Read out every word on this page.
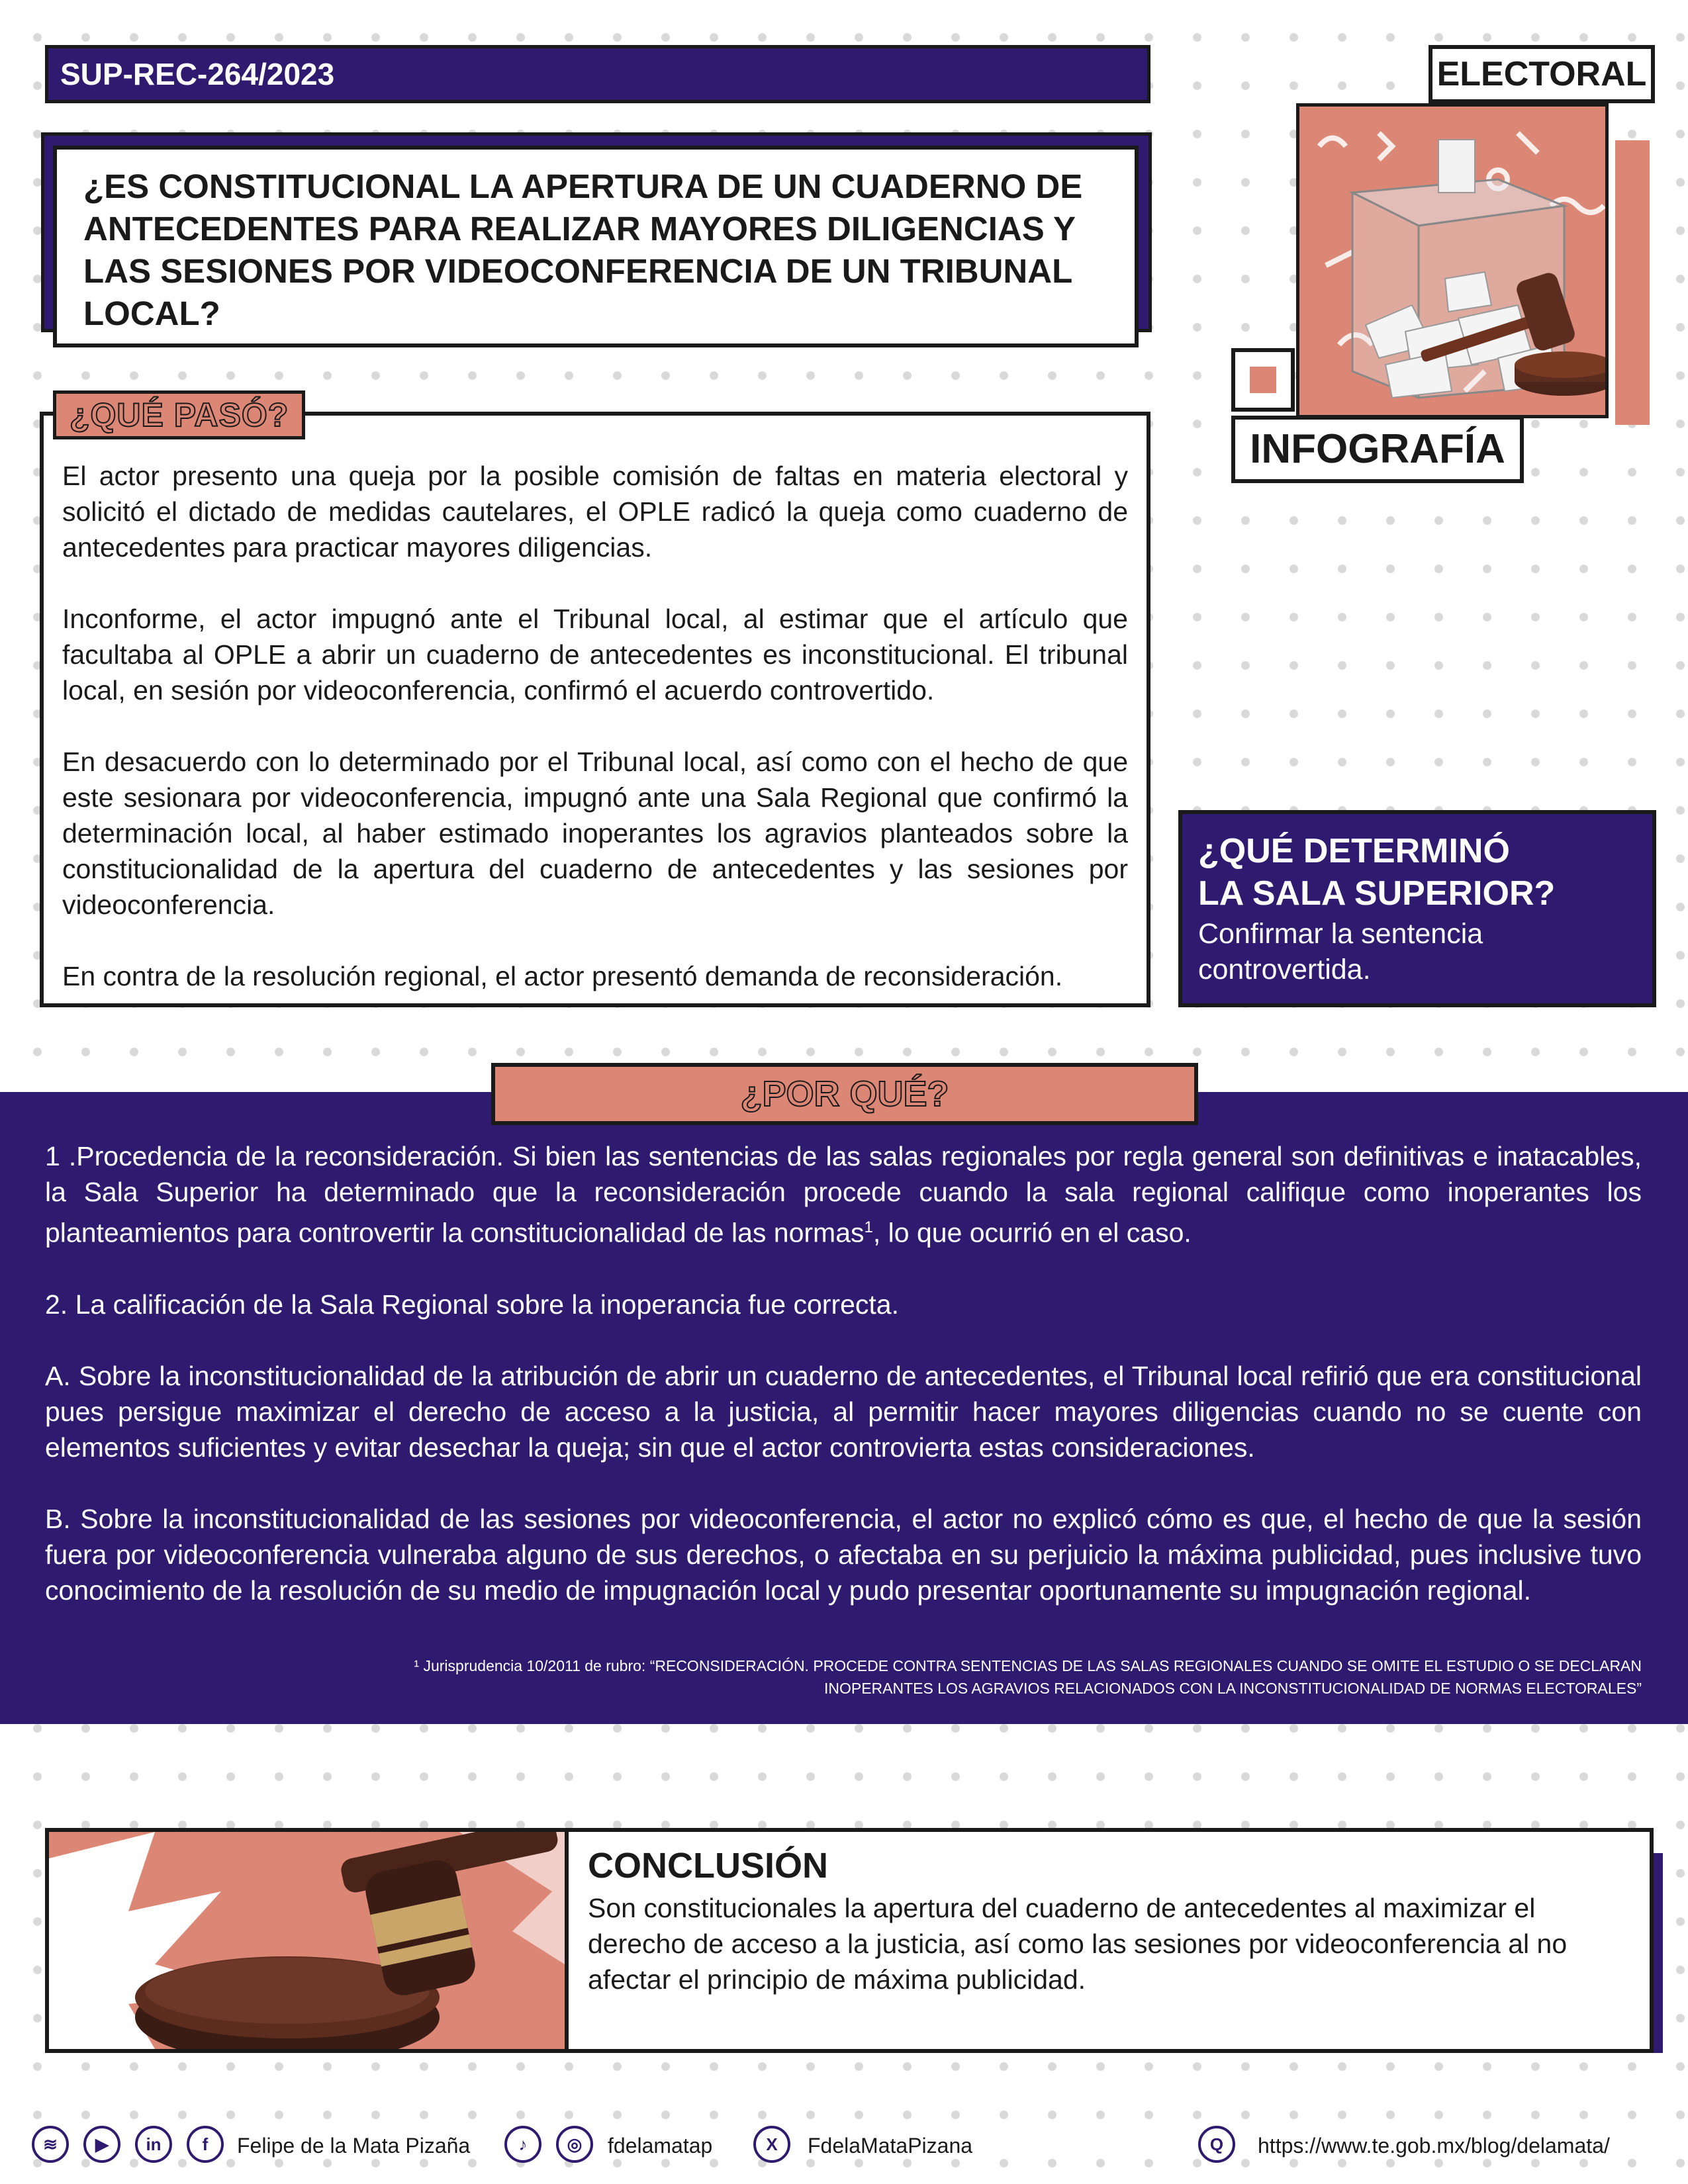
SUP-REC-264/2023	ELECTORAL
¿ES CONSTITUCIONAL LA APERTURA DE UN CUADERNO DE ANTECEDENTES PARA REALIZAR MAYORES DILIGENCIAS Y LAS SESIONES POR VIDEOCONFERENCIA DE UN TRIBUNAL LOCAL?
INFOGRAFÍA

El actor presento una queja por la posible comisión de faltas en materia electoral y solicitó el dictado de medidas cautelares, el OPLE radicó la queja como cuaderno de antecedentes para practicar mayores diligencias.

Inconforme, el actor impugnó ante el Tribunal local, al estimar que el artículo que facultaba al OPLE a abrir un cuaderno de antecedentes es inconstitucional. El tribunal local, en sesión por videoconferencia, confirmó el acuerdo controvertido.

En desacuerdo con lo determinado por el Tribunal local, así como con el hecho de que este sesionara por videoconferencia, impugnó ante una Sala Regional que confirmó la determinación local, al haber estimado inoperantes los agravios planteados sobre la constitucionalidad de la apertura del cuaderno de antecedentes y las sesiones por videoconferencia.

En contra de la resolución regional, el actor presentó demanda de reconsideración.

¿QUÉ PASÓ?
¿QUÉ DETERMINÓ
LA SALA SUPERIOR?
Confirmar la sentencia controvertida.
¿POR QUÉ?

1 .Procedencia de la reconsideración. Si bien las sentencias de las salas regionales por regla general son definitivas e inatacables, la Sala Superior ha determinado que la reconsideración procede cuando la sala regional califique como inoperantes los planteamientos para controvertir la constitucionalidad de las normas$^1$, lo que ocurrió en el caso.

2. La calificación de la Sala Regional sobre la inoperancia fue correcta.

A. Sobre la inconstitucionalidad de la atribución de abrir un cuaderno de antecedentes, el Tribunal local refirió que era constitucional pues persigue maximizar el derecho de acceso a la justicia, al permitir hacer mayores diligencias cuando no se cuente con elementos suficientes y evitar desechar la queja; sin que el actor controvierta estas consideraciones.

B. Sobre la inconstitucionalidad de las sesiones por videoconferencia, el actor no explicó cómo es que, el hecho de que la sesión fuera por videoconferencia vulneraba alguno de sus derechos, o afectaba en su perjuicio la máxima publicidad, pues inclusive tuvo conocimiento de la resolución de su medio de impugnación local y pudo presentar oportunamente su impugnación regional.

¹ Jurisprudencia 10/2011 de rubro: “RECONSIDERACIÓN. PROCEDE CONTRA SENTENCIAS DE LAS SALAS REGIONALES CUANDO SE OMITE EL ESTUDIO O SE DECLARAN INOPERANTES LOS AGRAVIOS RELACIONADOS CON LA INCONSTITUCIONALIDAD DE NORMAS ELECTORALES”
CONCLUSIÓN
Son constitucionales la apertura del cuaderno de antecedentes al maximizar el derecho de acceso a la justicia, así como las sesiones por videoconferencia al no afectar el principio de máxima publicidad.
≋	▶	in	f	Felipe de la Mata Pizaña	♪	◎	fdelamatap	X	FdelaMataPizana	Q	https://www.te.gob.mx/blog/delamata/
